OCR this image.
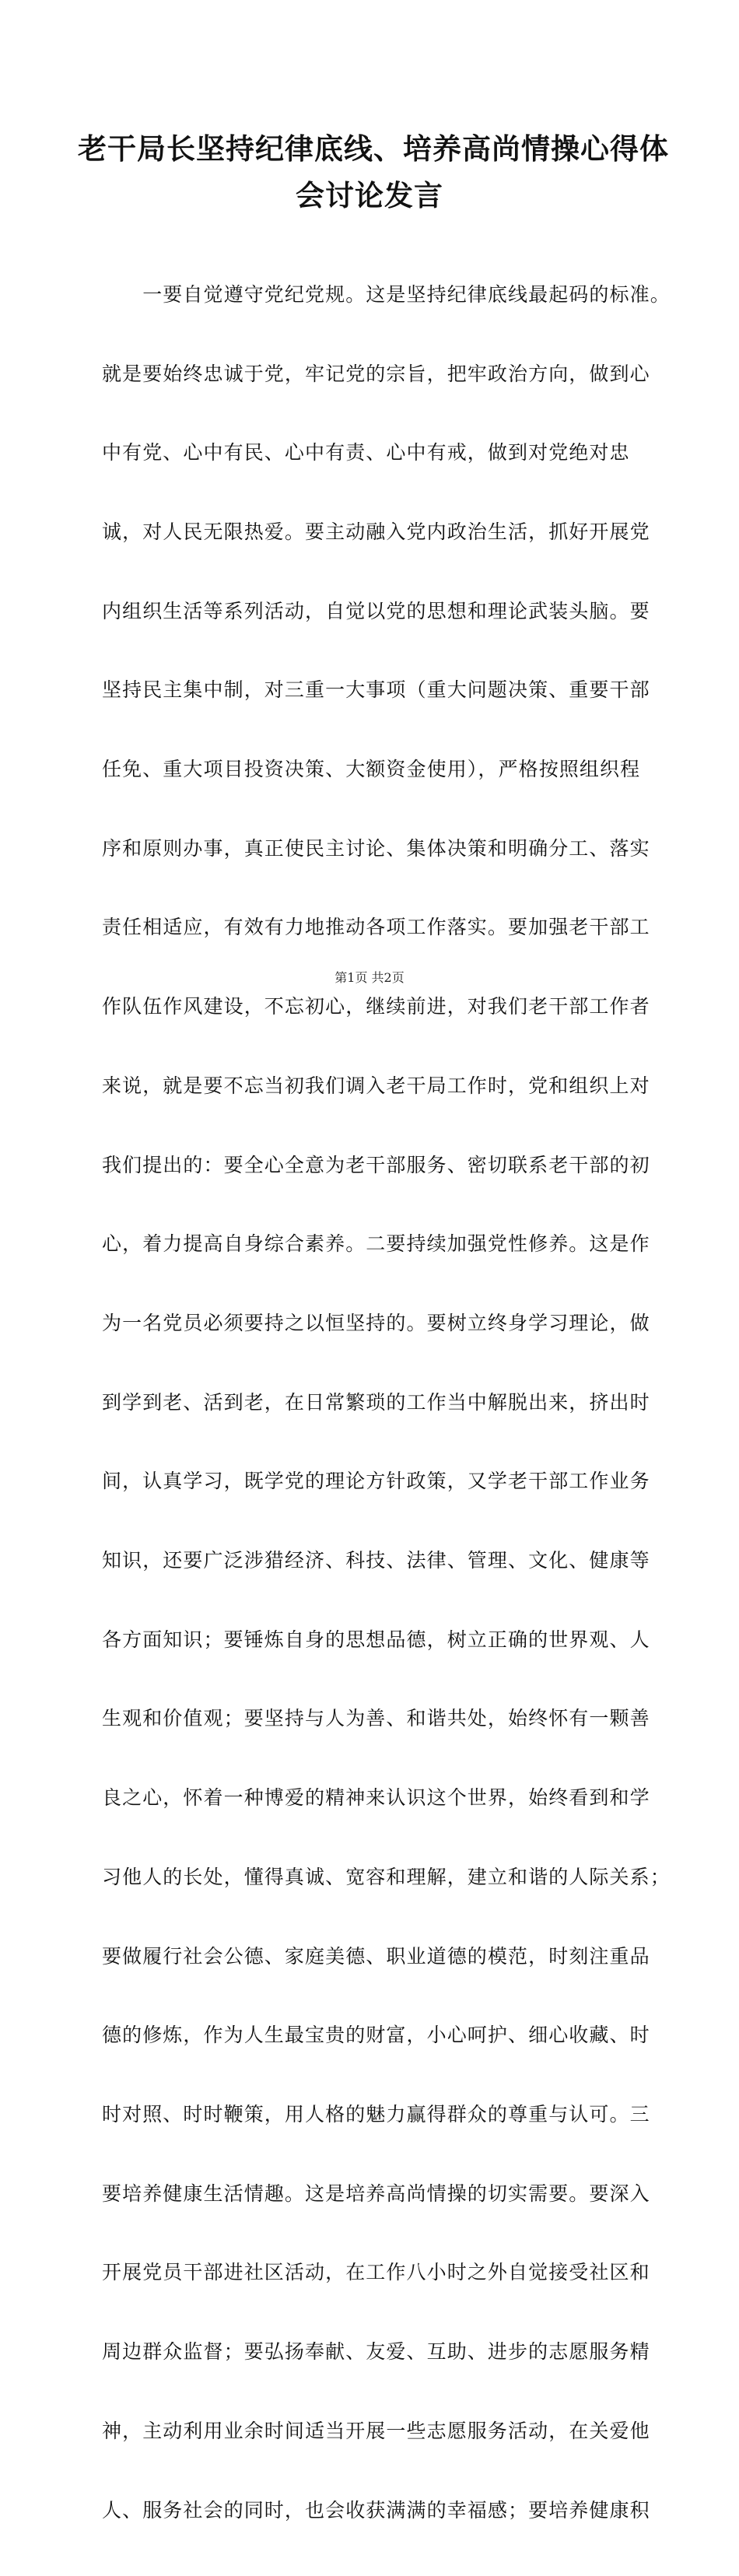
老干局长坚持纪律底线、培养高尚情操心得体
会讨论发言

　　一要自觉遵守党纪党规。这是坚持纪律底线最起码的标准。

就是要始终忠诚于党，牢记党的宗旨，把牢政治方向，做到心

中有党、心中有民、心中有责、心中有戒，做到对党绝对忠

诚，对人民无限热爱。要主动融入党内政治生活，抓好开展党

内组织生活等系列活动，自觉以党的思想和理论武装头脑。要

坚持民主集中制，对三重一大事项（重大问题决策、重要干部

任免、重大项目投资决策、大额资金使用），严格按照组织程

序和原则办事，真正使民主讨论、集体决策和明确分工、落实

责任相适应，有效有力地推动各项工作落实。要加强老干部工

作队伍作风建设，不忘初心，继续前进，对我们老干部工作者

来说，就是要不忘当初我们调入老干局工作时，党和组织上对

我们提出的：要全心全意为老干部服务、密切联系老干部的初

心，着力提高自身综合素养。二要持续加强党性修养。这是作

为一名党员必须要持之以恒坚持的。要树立终身学习理论，做

到学到老、活到老，在日常繁琐的工作当中解脱出来，挤出时

间，认真学习，既学党的理论方针政策，又学老干部工作业务

知识，还要广泛涉猎经济、科技、法律、管理、文化、健康等

各方面知识；要锤炼自身的思想品德，树立正确的世界观、人

生观和价值观；要坚持与人为善、和谐共处，始终怀有一颗善

良之心，怀着一种博爱的精神来认识这个世界，始终看到和学

习他人的长处，懂得真诚、宽容和理解，建立和谐的人际关系；

要做履行社会公德、家庭美德、职业道德的模范，时刻注重品

德的修炼，作为人生最宝贵的财富，小心呵护、细心收藏、时

时对照、时时鞭策，用人格的魅力赢得群众的尊重与认可。三

要培养健康生活情趣。这是培养高尚情操的切实需要。要深入

开展党员干部进社区活动，在工作八小时之外自觉接受社区和

周边群众监督；要弘扬奉献、友爱、互助、进步的志愿服务精

神，主动利用业余时间适当开展一些志愿服务活动，在关爱他

人、服务社会的同时，也会收获满满的幸福感；要培养健康积

第1页 共2页
